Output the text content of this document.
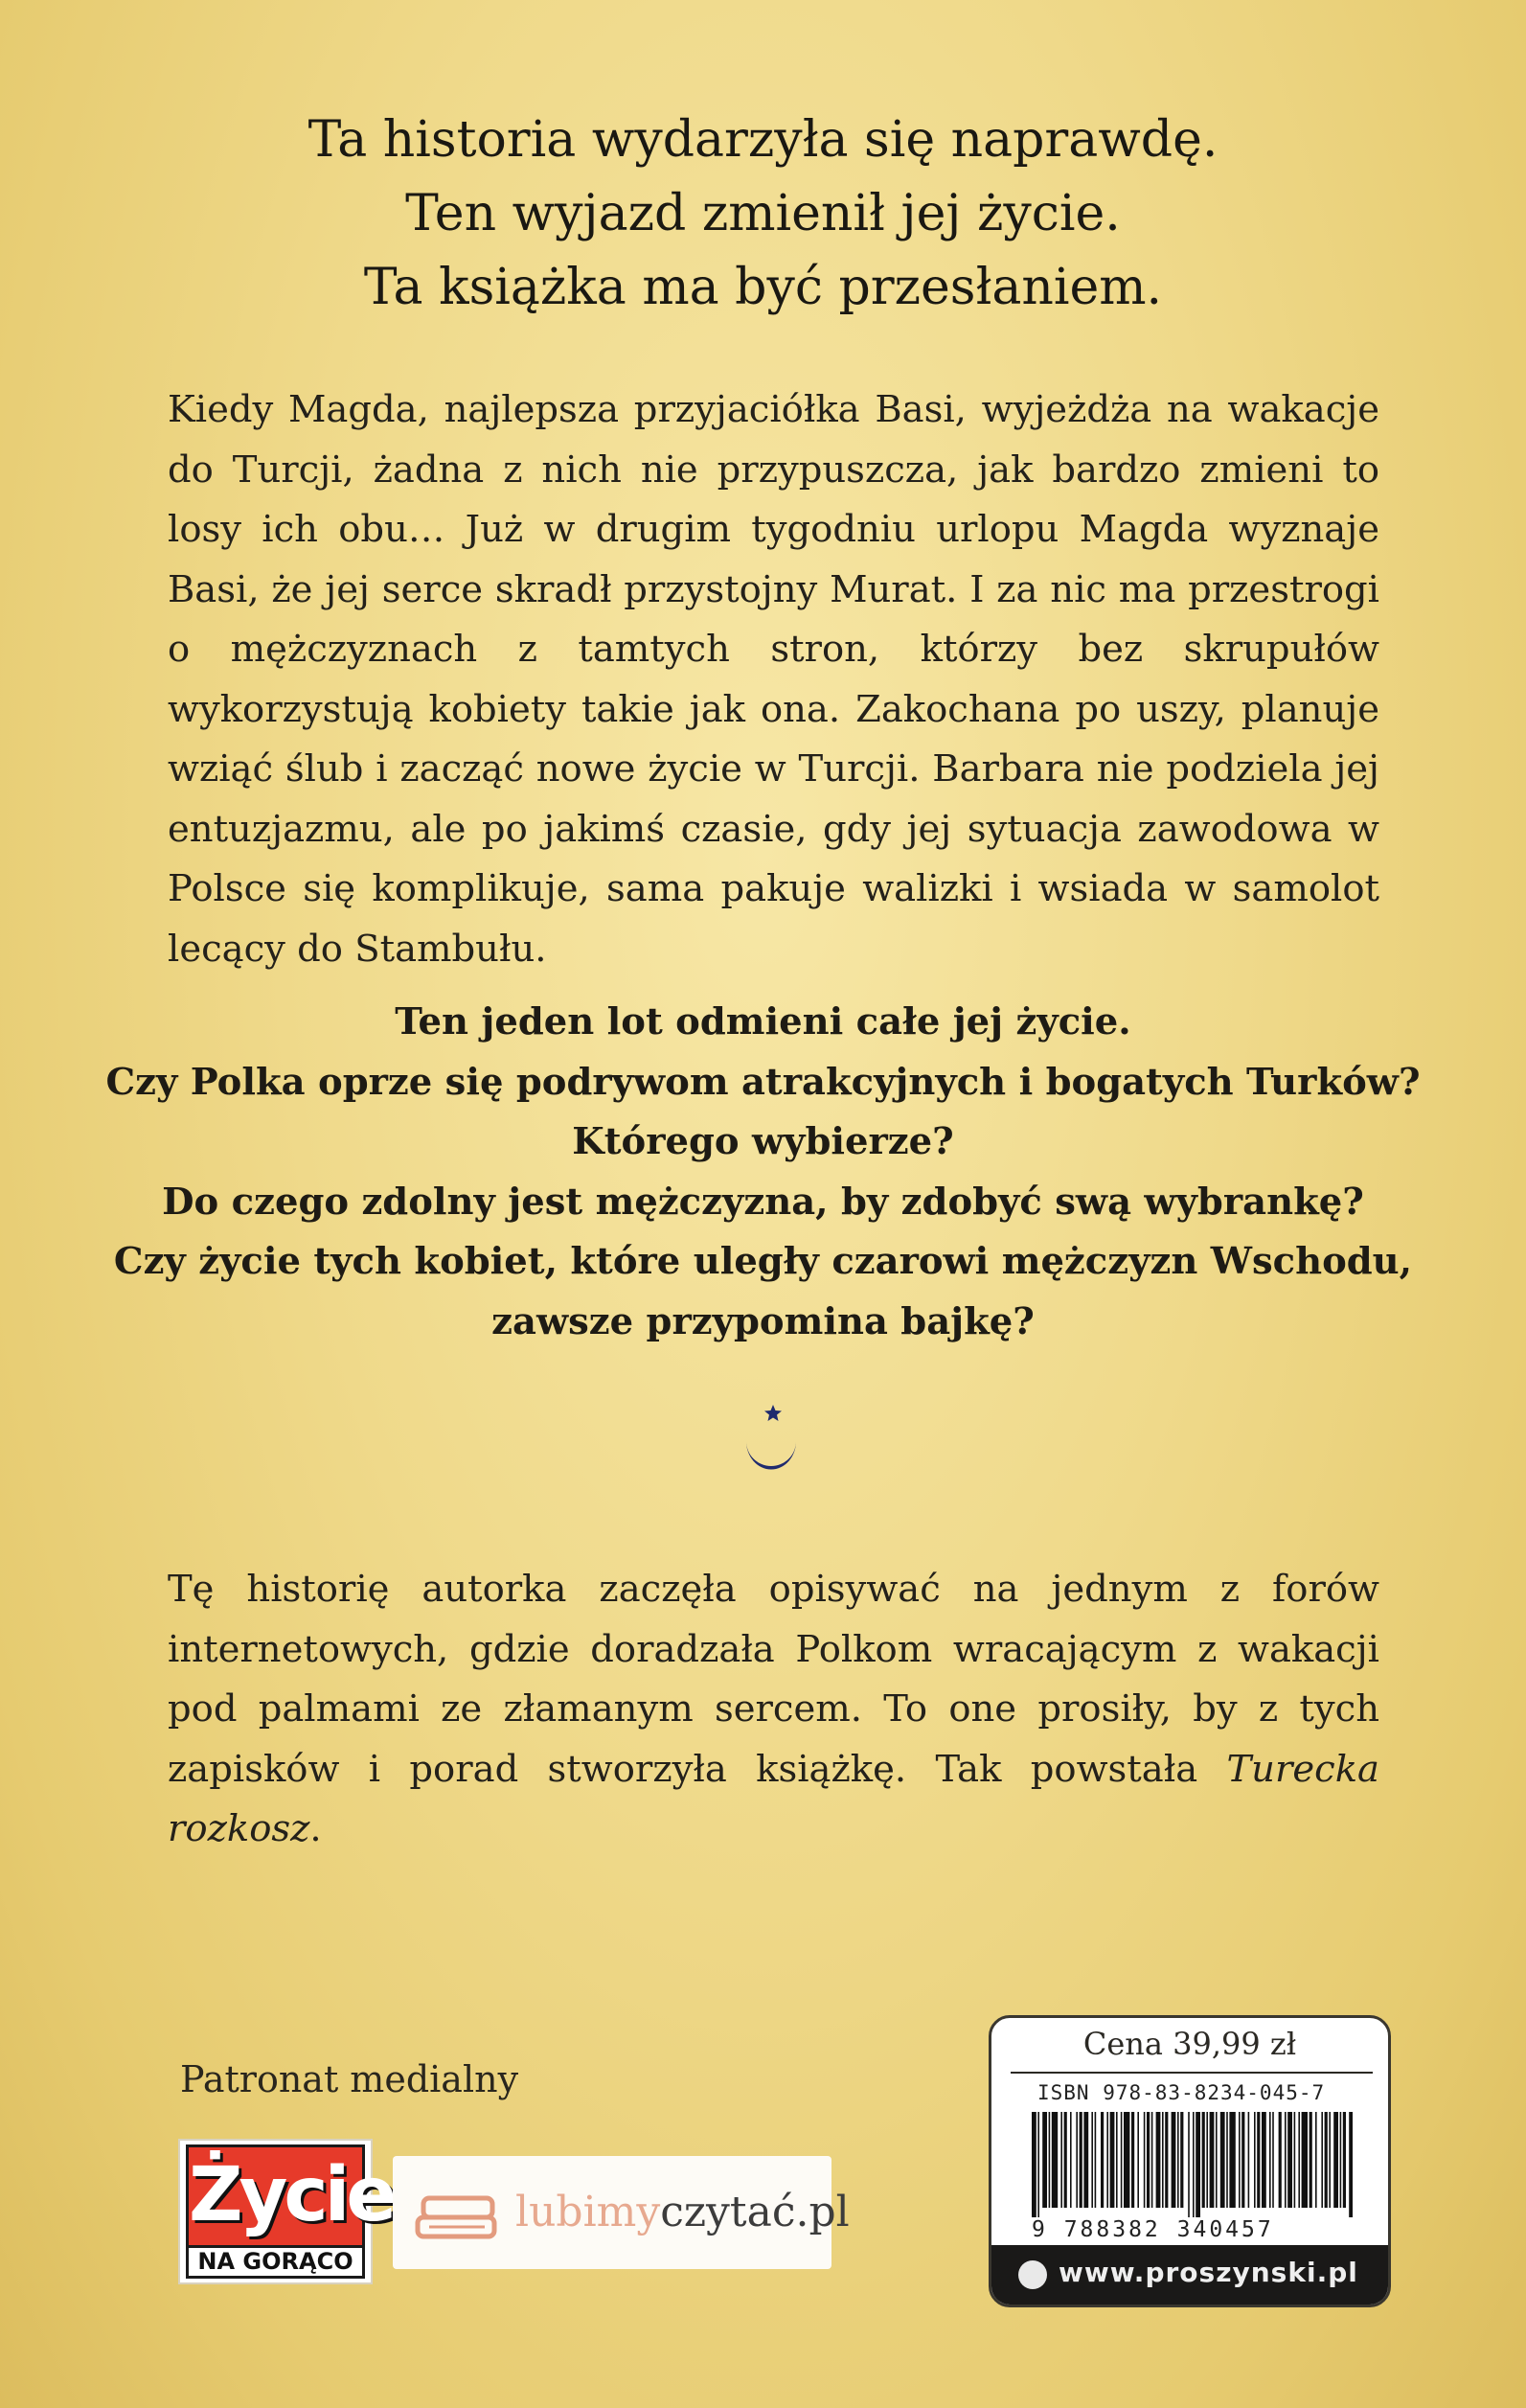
Ta historia wydarzyła się naprawdę.
Ten wyjazd zmienił jej życie.
Ta książka ma być przesłaniem.
Kiedy Magda, najlepsza przyjaciółka Basi, wyjeżdża na wakacje do Turcji, żadna z nich nie przypuszcza, jak bardzo zmieni to losy ich obu… Już w drugim tygodniu urlopu Magda wyznaje Basi, że jej serce skradł przystojny Murat. I za nic ma przestrogi o mężczyznach z tamtych stron, którzy bez skrupułów wykorzystują kobiety takie jak ona. Zakochana po uszy, planuje wziąć ślub i zacząć nowe życie w Turcji. Barbara nie podziela jej entuzjazmu, ale po jakimś czasie, gdy jej sytuacja zawodowa w Polsce się komplikuje, sama pakuje walizki i wsiada w samolot lecący do Stambułu.
Ten jeden lot odmieni całe jej życie.
Czy Polka oprze się podrywom atrakcyjnych i bogatych Turków?
Którego wybierze?
Do czego zdolny jest mężczyzna, by zdobyć swą wybrankę?
Czy życie tych kobiet, które uległy czarowi mężczyzn Wschodu,
zawsze przypomina bajkę?
Tę historię autorka zaczęła opisywać na jednym z forów internetowych, gdzie doradzała Polkom wracającym z wakacji pod palmami ze złamanym sercem. To one prosiły, by z tych zapisków i porad stworzyła książkę. Tak powstała Turecka rozkosz.
Patronat medialny
Życie
NA GORĄCO
lubimyczytać.pl
Cena 39,99 zł
ISBN 978-83-8234-045-7
9 788382 340457
www.proszynski.pl
